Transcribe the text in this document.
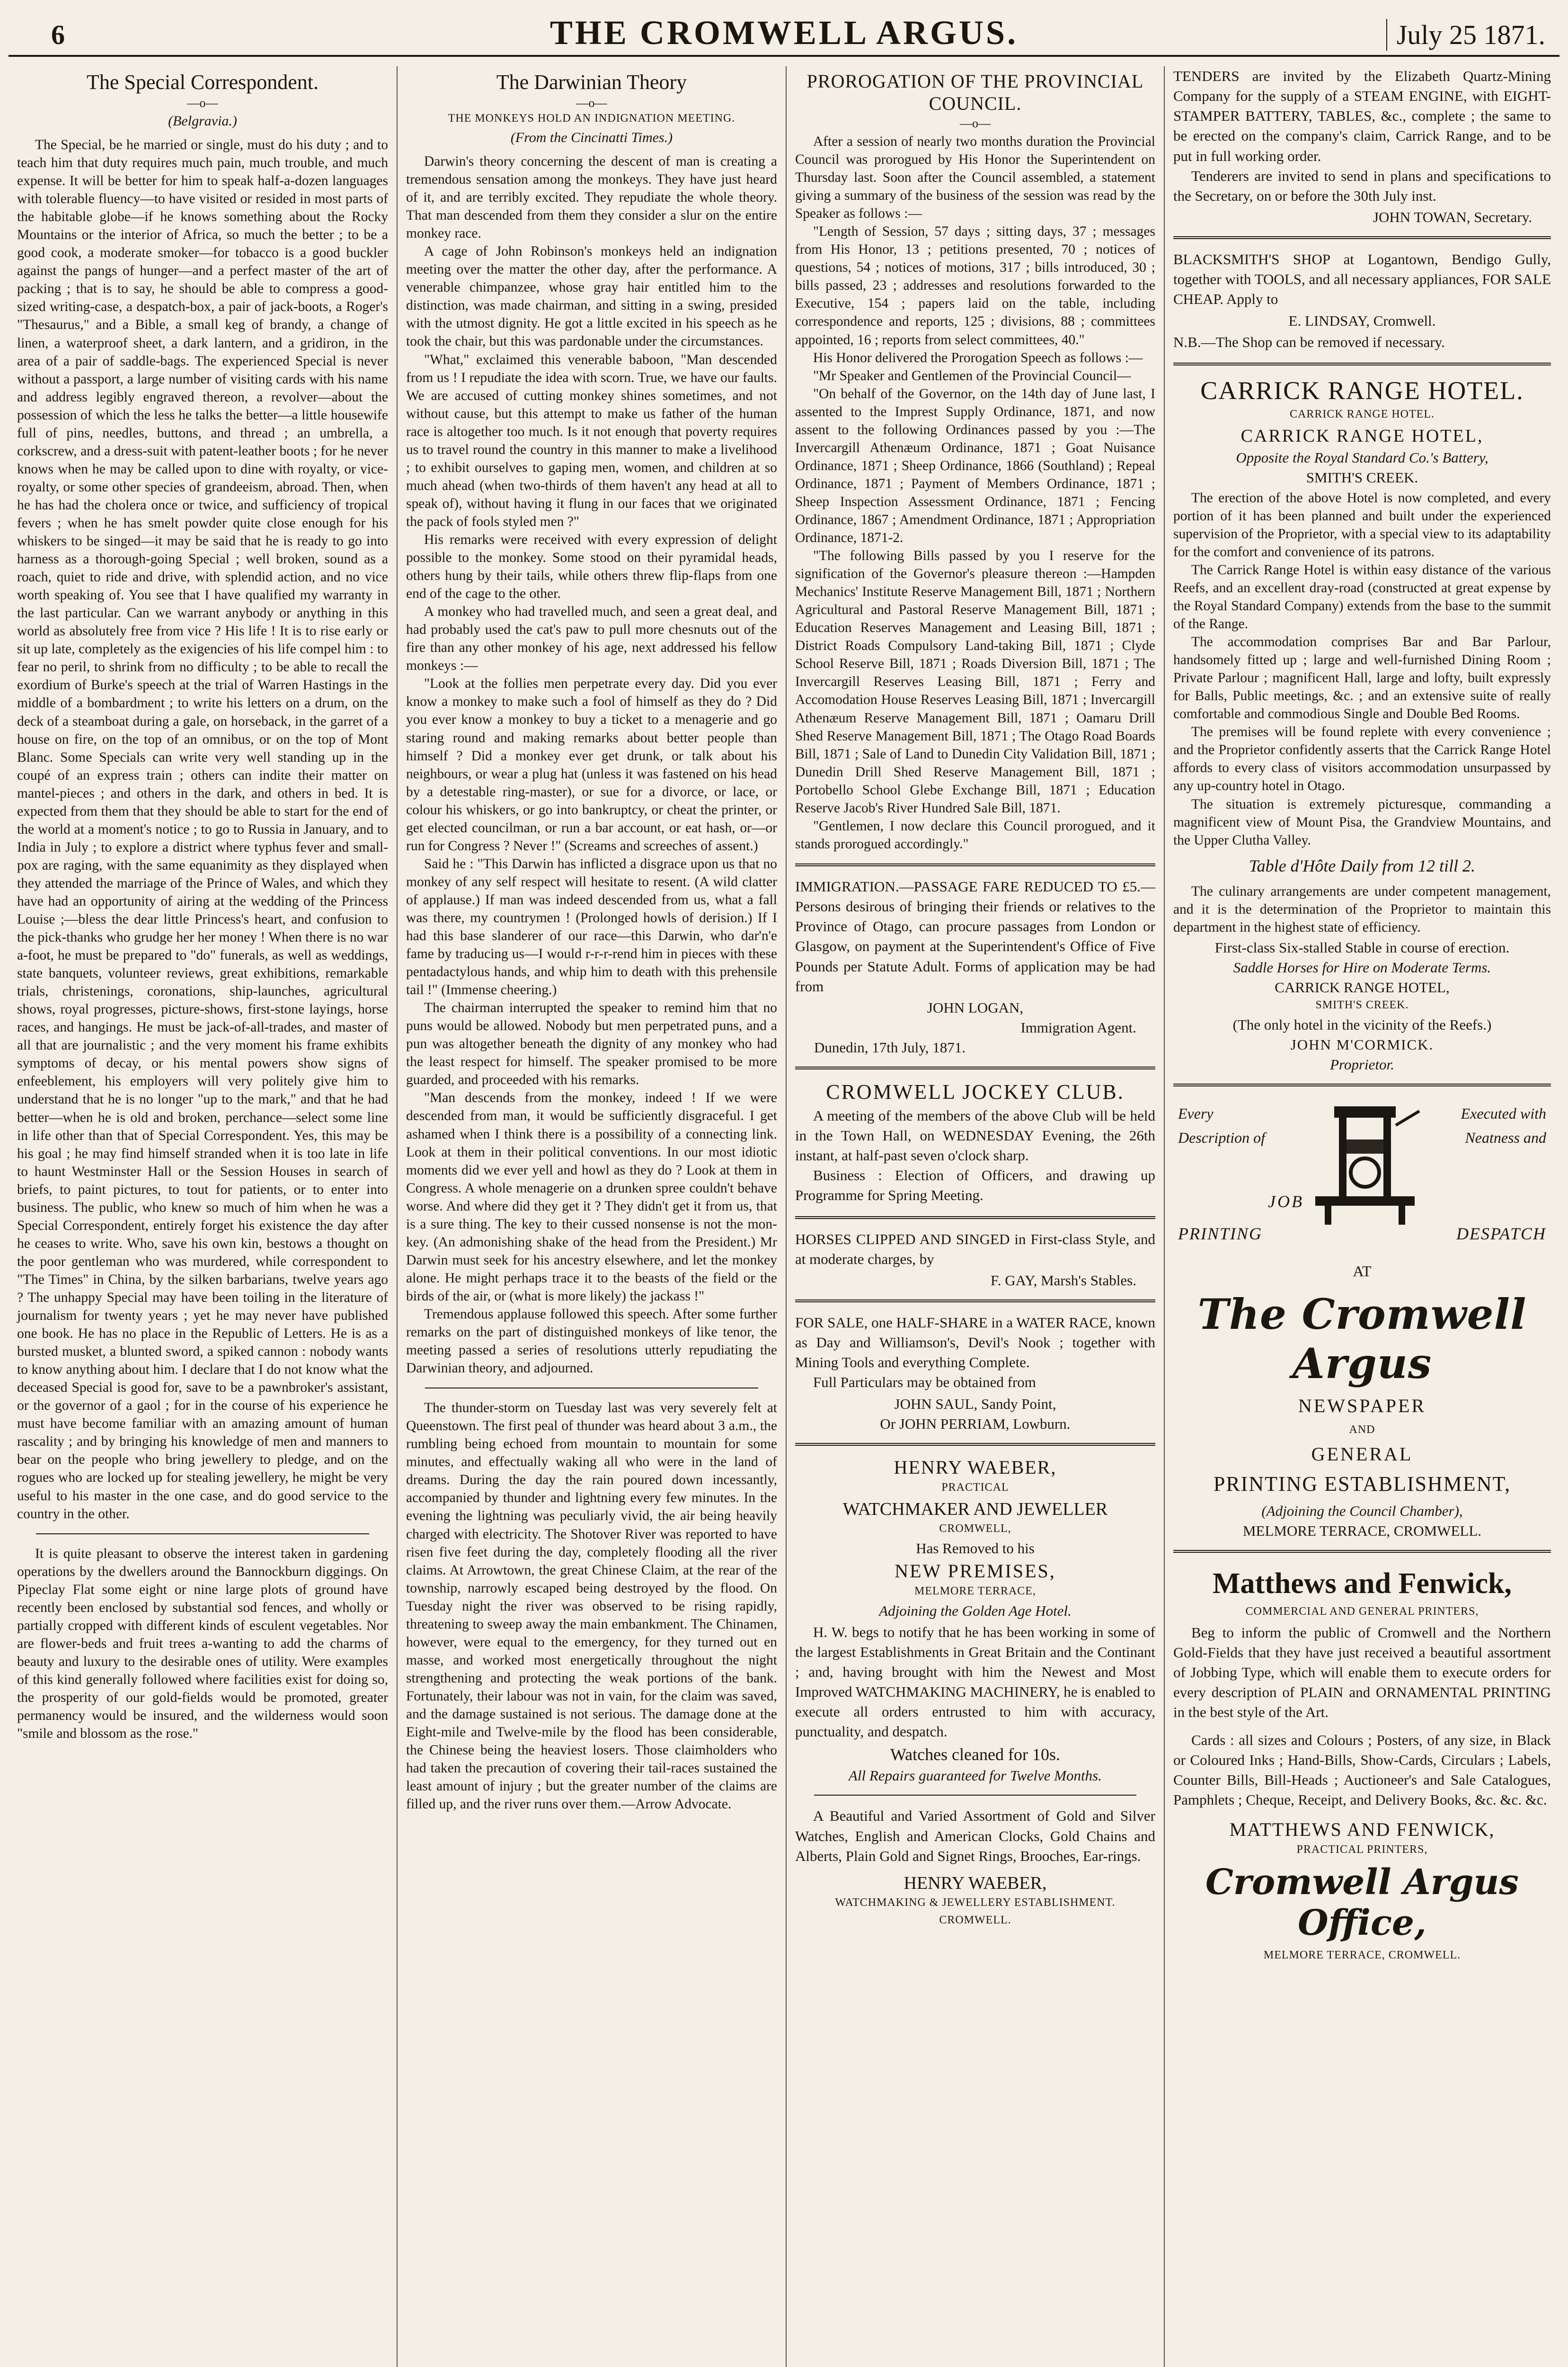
6	THE CROMWELL ARGUS.	July 25 1871.
The Special Correspondent.
—o—
(Belgravia.)

The Special, be he married or single, must do his duty ; and to teach him that duty requires much pain, much trouble, and much expense. It will be better for him to speak half-a-dozen languages with tolerable fluency—to have visited or resided in most parts of the habitable globe—if he knows something about the Rocky Mountains or the interior of Africa, so much the better ; to be a good cook, a moderate smoker—for tobacco is a good buckler against the pangs of hunger—and a perfect master of the art of packing ; that is to say, he should be able to compress a good-sized writing-case, a despatch-box, a pair of jack-boots, a Roger's "Thesaurus," and a Bible, a small keg of brandy, a change of linen, a waterproof sheet, a dark lantern, and a gridiron, in the area of a pair of saddle-bags. The experienced Special is never without a passport, a large number of visiting cards with his name and address legibly engraved thereon, a revolver—about the possession of which the less he talks the better—a little housewife full of pins, needles, buttons, and thread ; an umbrella, a corkscrew, and a dress-suit with patent-leather boots ; for he never knows when he may be called upon to dine with royalty, or vice-royalty, or some other species of grandeeism, abroad. Then, when he has had the cholera once or twice, and sufficiency of tropical fevers ; when he has smelt powder quite close enough for his whiskers to be singed—it may be said that he is ready to go into harness as a thorough-going Special ; well broken, sound as a roach, quiet to ride and drive, with splendid action, and no vice worth speaking of. You see that I have qualified my warranty in the last particular. Can we warrant anybody or anything in this world as absolutely free from vice ? His life ! It is to rise early or sit up late, completely as the exigencies of his life compel him : to fear no peril, to shrink from no difficulty ; to be able to recall the exordium of Burke's speech at the trial of Warren Hastings in the middle of a bombardment ; to write his letters on a drum, on the deck of a steamboat during a gale, on horseback, in the garret of a house on fire, on the top of an omnibus, or on the top of Mont Blanc. Some Specials can write very well standing up in the coupé of an express train ; others can indite their matter on mantel-pieces ; and others in the dark, and others in bed. It is expected from them that they should be able to start for the end of the world at a moment's notice ; to go to Russia in January, and to India in July ; to explore a district where typhus fever and small-pox are raging, with the same equanimity as they displayed when they attended the marriage of the Prince of Wales, and which they have had an opportunity of airing at the wedding of the Princess Louise ;—bless the dear little Princess's heart, and confusion to the pick-thanks who grudge her her money ! When there is no war a-foot, he must be prepared to "do" funerals, as well as weddings, state banquets, volunteer reviews, great exhibitions, remarkable trials, christenings, coronations, ship-launches, agricultural shows, royal progresses, picture-shows, first-stone layings, horse races, and hangings. He must be jack-of-all-trades, and master of all that are journalistic ; and the very moment his frame exhibits symptoms of decay, or his mental powers show signs of enfeeblement, his employers will very politely give him to understand that he is no longer "up to the mark," and that he had better—when he is old and broken, perchance—select some line in life other than that of Special Correspondent. Yes, this may be his goal ; he may find himself stranded when it is too late in life to haunt Westminster Hall or the Session Houses in search of briefs, to paint pictures, to tout for patients, or to enter into business. The public, who knew so much of him when he was a Special Correspondent, entirely forget his existence the day after he ceases to write. Who, save his own kin, bestows a thought on the poor gentleman who was murdered, while correspondent to "The Times" in China, by the silken barbarians, twelve years ago ? The unhappy Special may have been toiling in the literature of journalism for twenty years ; yet he may never have published one book. He has no place in the Republic of Letters. He is as a bursted musket, a blunted sword, a spiked cannon : nobody wants to know anything about him. I declare that I do not know what the deceased Special is good for, save to be a pawnbroker's assistant, or the governor of a gaol ; for in the course of his experience he must have become familiar with an amazing amount of human rascality ; and by bringing his knowledge of men and manners to bear on the people who bring jewellery to pledge, and on the rogues who are locked up for stealing jewellery, he might be very useful to his master in the one case, and do good service to the country in the other.

It is quite pleasant to observe the interest taken in gardening operations by the dwellers around the Bannockburn diggings. On Pipeclay Flat some eight or nine large plots of ground have recently been enclosed by substantial sod fences, and wholly or partially cropped with different kinds of esculent vegetables. Nor are flower-beds and fruit trees a-wanting to add the charms of beauty and luxury to the desirable ones of utility. Were examples of this kind generally followed where facilities exist for doing so, the prosperity of our gold-fields would be promoted, greater permanency would be insured, and the wilderness would soon "smile and blossom as the rose."

The Darwinian Theory
—o—
THE MONKEYS HOLD AN INDIGNATION MEETING.
(From the Cincinatti Times.)

Darwin's theory concerning the descent of man is creating a tremendous sensation among the monkeys. They have just heard of it, and are terribly excited. They repudiate the whole theory. That man descended from them they consider a slur on the entire monkey race.

A cage of John Robinson's monkeys held an indignation meeting over the matter the other day, after the performance. A venerable chimpanzee, whose gray hair entitled him to the distinction, was made chairman, and sitting in a swing, presided with the utmost dignity. He got a little excited in his speech as he took the chair, but this was pardonable under the circumstances.

"What," exclaimed this venerable baboon, "Man descended from us ! I repudiate the idea with scorn. True, we have our faults. We are accused of cutting monkey shines sometimes, and not without cause, but this attempt to make us father of the human race is altogether too much. Is it not enough that poverty requires us to travel round the country in this manner to make a livelihood ; to exhibit ourselves to gaping men, women, and children at so much ahead (when two-thirds of them haven't any head at all to speak of), without having it flung in our faces that we originated the pack of fools styled men ?"

His remarks were received with every expression of delight possible to the monkey. Some stood on their pyramidal heads, others hung by their tails, while others threw flip-flaps from one end of the cage to the other.

A monkey who had travelled much, and seen a great deal, and had probably used the cat's paw to pull more chesnuts out of the fire than any other monkey of his age, next addressed his fellow monkeys :—

"Look at the follies men perpetrate every day. Did you ever know a monkey to make such a fool of himself as they do ? Did you ever know a monkey to buy a ticket to a menagerie and go staring round and making remarks about better people than himself ? Did a monkey ever get drunk, or talk about his neighbours, or wear a plug hat (unless it was fastened on his head by a detestable ring-master), or sue for a divorce, or lace, or colour his whiskers, or go into bankruptcy, or cheat the printer, or get elected councilman, or run a bar account, or eat hash, or—or run for Congress ? Never !" (Screams and screeches of assent.)

Said he : "This Darwin has inflicted a disgrace upon us that no monkey of any self respect will hesitate to resent. (A wild clatter of applause.) If man was indeed descended from us, what a fall was there, my countrymen ! (Prolonged howls of derision.) If I had this base slanderer of our race—this Darwin, who dar'n'e fame by traducing us—I would r-r-r-rend him in pieces with these pentadactylous hands, and whip him to death with this prehensile tail !" (Immense cheering.)

The chairman interrupted the speaker to remind him that no puns would be allowed. Nobody but men perpetrated puns, and a pun was altogether beneath the dignity of any monkey who had the least respect for himself. The speaker promised to be more guarded, and proceeded with his remarks.

"Man descends from the monkey, indeed ! If we were descended from man, it would be sufficiently disgraceful. I get ashamed when I think there is a possibility of a connecting link. Look at them in their political conventions. In our most idiotic moments did we ever yell and howl as they do ? Look at them in Congress. A whole menagerie on a drunken spree couldn't behave worse. And where did they get it ? They didn't get it from us, that is a sure thing. The key to their cussed nonsense is not the mon-key. (An admonishing shake of the head from the President.) Mr Darwin must seek for his ancestry elsewhere, and let the monkey alone. He might perhaps trace it to the beasts of the field or the birds of the air, or (what is more likely) the jackass !"

Tremendous applause followed this speech. After some further remarks on the part of distinguished monkeys of like tenor, the meeting passed a series of resolutions utterly repudiating the Darwinian theory, and adjourned.

The thunder-storm on Tuesday last was very severely felt at Queenstown. The first peal of thunder was heard about 3 a.m., the rumbling being echoed from mountain to mountain for some minutes, and effectually waking all who were in the land of dreams. During the day the rain poured down incessantly, accompanied by thunder and lightning every few minutes. In the evening the lightning was peculiarly vivid, the air being heavily charged with electricity. The Shotover River was reported to have risen five feet during the day, completely flooding all the river claims. At Arrowtown, the great Chinese Claim, at the rear of the township, narrowly escaped being destroyed by the flood. On Tuesday night the river was observed to be rising rapidly, threatening to sweep away the main embankment. The Chinamen, however, were equal to the emergency, for they turned out en masse, and worked most energetically throughout the night strengthening and protecting the weak portions of the bank. Fortunately, their labour was not in vain, for the claim was saved, and the damage sustained is not serious. The damage done at the Eight-mile and Twelve-mile by the flood has been considerable, the Chinese being the heaviest losers. Those claimholders who had taken the precaution of covering their tail-races sustained the least amount of injury ; but the greater number of the claims are filled up, and the river runs over them.—Arrow Advocate.

PROROGATION OF THE PROVINCIAL COUNCIL.
—o—

After a session of nearly two months duration the Provincial Council was prorogued by His Honor the Superintendent on Thursday last. Soon after the Council assembled, a statement giving a summary of the business of the session was read by the Speaker as follows :—

"Length of Session, 57 days ; sitting days, 37 ; messages from His Honor, 13 ; petitions presented, 70 ; notices of questions, 54 ; notices of motions, 317 ; bills introduced, 30 ; bills passed, 23 ; addresses and resolutions forwarded to the Executive, 154 ; papers laid on the table, including correspondence and reports, 125 ; divisions, 88 ; committees appointed, 16 ; reports from select committees, 40."

His Honor delivered the Prorogation Speech as follows :—

"Mr Speaker and Gentlemen of the Provincial Council—

"On behalf of the Governor, on the 14th day of June last, I assented to the Imprest Supply Ordinance, 1871, and now assent to the following Ordinances passed by you :—The Invercargill Athenæum Ordinance, 1871 ; Goat Nuisance Ordinance, 1871 ; Sheep Ordinance, 1866 (Southland) ; Repeal Ordinance, 1871 ; Payment of Members Ordinance, 1871 ; Sheep Inspection Assessment Ordinance, 1871 ; Fencing Ordinance, 1867 ; Amendment Ordinance, 1871 ; Appropriation Ordinance, 1871-2.

"The following Bills passed by you I reserve for the signification of the Governor's pleasure thereon :—Hampden Mechanics' Institute Reserve Management Bill, 1871 ; Northern Agricultural and Pastoral Reserve Management Bill, 1871 ; Education Reserves Management and Leasing Bill, 1871 ; District Roads Compulsory Land-taking Bill, 1871 ; Clyde School Reserve Bill, 1871 ; Roads Diversion Bill, 1871 ; The Invercargill Reserves Leasing Bill, 1871 ; Ferry and Accomodation House Reserves Leasing Bill, 1871 ; Invercargill Athenæum Reserve Management Bill, 1871 ; Oamaru Drill Shed Reserve Management Bill, 1871 ; The Otago Road Boards Bill, 1871 ; Sale of Land to Dunedin City Validation Bill, 1871 ; Dunedin Drill Shed Reserve Management Bill, 1871 ; Portobello School Glebe Exchange Bill, 1871 ; Education Reserve Jacob's River Hundred Sale Bill, 1871.

"Gentlemen, I now declare this Council prorogued, and it stands prorogued accordingly."

IMMIGRATION.—PASSAGE FARE REDUCED TO £5.—Persons desirous of bringing their friends or relatives to the Province of Otago, can procure passages from London or Glasgow, on payment at the Superintendent's Office of Five Pounds per Statute Adult. Forms of application may be had from

JOHN LOGAN,
Immigration Agent.
Dunedin, 17th July, 1871.
CROMWELL JOCKEY CLUB.

A meeting of the members of the above Club will be held in the Town Hall, on WEDNESDAY Evening, the 26th instant, at half-past seven o'clock sharp.

Business : Election of Officers, and drawing up Programme for Spring Meeting.

HORSES CLIPPED AND SINGED in First-class Style, and at moderate charges, by

F. GAY, Marsh's Stables.

FOR SALE, one HALF-SHARE in a WATER RACE, known as Day and Williamson's, Devil's Nook ; together with Mining Tools and everything Complete.

Full Particulars may be obtained from

JOHN SAUL, Sandy Point,
Or JOHN PERRIAM, Lowburn.
HENRY WAEBER,
PRACTICAL
WATCHMAKER AND JEWELLER
CROMWELL,
Has Removed to his
NEW PREMISES,
MELMORE TERRACE,
Adjoining the Golden Age Hotel.

H. W. begs to notify that he has been working in some of the largest Establishments in Great Britain and the Continant ; and, having brought with him the Newest and Most Improved WATCHMAKING MACHINERY, he is enabled to execute all orders entrusted to him with accuracy, punctuality, and despatch.

Watches cleaned for 10s.
All Repairs guaranteed for Twelve Months.

A Beautiful and Varied Assortment of Gold and Silver Watches, English and American Clocks, Gold Chains and Alberts, Plain Gold and Signet Rings, Brooches, Ear-rings.

HENRY WAEBER,
WATCHMAKING & JEWELLERY ESTABLISHMENT.
CROMWELL.

TENDERS are invited by the Elizabeth Quartz-Mining Company for the supply of a STEAM ENGINE, with EIGHT-STAMPER BATTERY, TABLES, &c., complete ; the same to be erected on the company's claim, Carrick Range, and to be put in full working order.

Tenderers are invited to send in plans and specifications to the Secretary, on or before the 30th July inst.

JOHN TOWAN, Secretary.

BLACKSMITH'S SHOP at Logantown, Bendigo Gully, together with TOOLS, and all necessary appliances, FOR SALE CHEAP. Apply to

E. LINDSAY, Cromwell.

N.B.—The Shop can be removed if necessary.

CARRICK RANGE HOTEL.
CARRICK RANGE HOTEL.
CARRICK RANGE HOTEL,
Opposite the Royal Standard Co.'s Battery,
SMITH'S CREEK.

The erection of the above Hotel is now completed, and every portion of it has been planned and built under the experienced supervision of the Proprietor, with a special view to its adaptability for the comfort and convenience of its patrons.

The Carrick Range Hotel is within easy distance of the various Reefs, and an excellent dray-road (constructed at great expense by the Royal Standard Company) extends from the base to the summit of the Range.

The accommodation comprises Bar and Bar Parlour, handsomely fitted up ; large and well-furnished Dining Room ; Private Parlour ; magnificent Hall, large and lofty, built expressly for Balls, Public meetings, &c. ; and an extensive suite of really comfortable and commodious Single and Double Bed Rooms.

The premises will be found replete with every convenience ; and the Proprietor confidently asserts that the Carrick Range Hotel affords to every class of visitors accommodation unsurpassed by any up-country hotel in Otago.

The situation is extremely picturesque, commanding a magnificent view of Mount Pisa, the Grandview Mountains, and the Upper Clutha Valley.

Table d'Hôte Daily from 12 till 2.

The culinary arrangements are under competent management, and it is the determination of the Proprietor to maintain this department in the highest state of efficiency.

First-class Six-stalled Stable in course of erection.
Saddle Horses for Hire on Moderate Terms.
CARRICK RANGE HOTEL,
SMITH'S CREEK.
(The only hotel in the vicinity of the Reefs.)
JOHN M'CORMICK.
Proprietor.
Every Description of
Executed with Neatness and
JOB
PRINTING	DESPATCH
AT
The Cromwell Argus
NEWSPAPER
AND
GENERAL
PRINTING ESTABLISHMENT,
(Adjoining the Council Chamber),
MELMORE TERRACE, CROMWELL.
Matthews and Fenwick,
COMMERCIAL AND GENERAL PRINTERS,

Beg to inform the public of Cromwell and the Northern Gold-Fields that they have just received a beautiful assortment of Jobbing Type, which will enable them to execute orders for every description of PLAIN and ORNAMENTAL PRINTING in the best style of the Art.

Cards : all sizes and Colours ; Posters, of any size, in Black or Coloured Inks ; Hand-Bills, Show-Cards, Circulars ; Labels, Counter Bills, Bill-Heads ; Auctioneer's and Sale Catalogues, Pamphlets ; Cheque, Receipt, and Delivery Books, &c. &c. &c.

MATTHEWS AND FENWICK,
PRACTICAL PRINTERS,
Cromwell Argus Office,
MELMORE TERRACE, CROMWELL.
